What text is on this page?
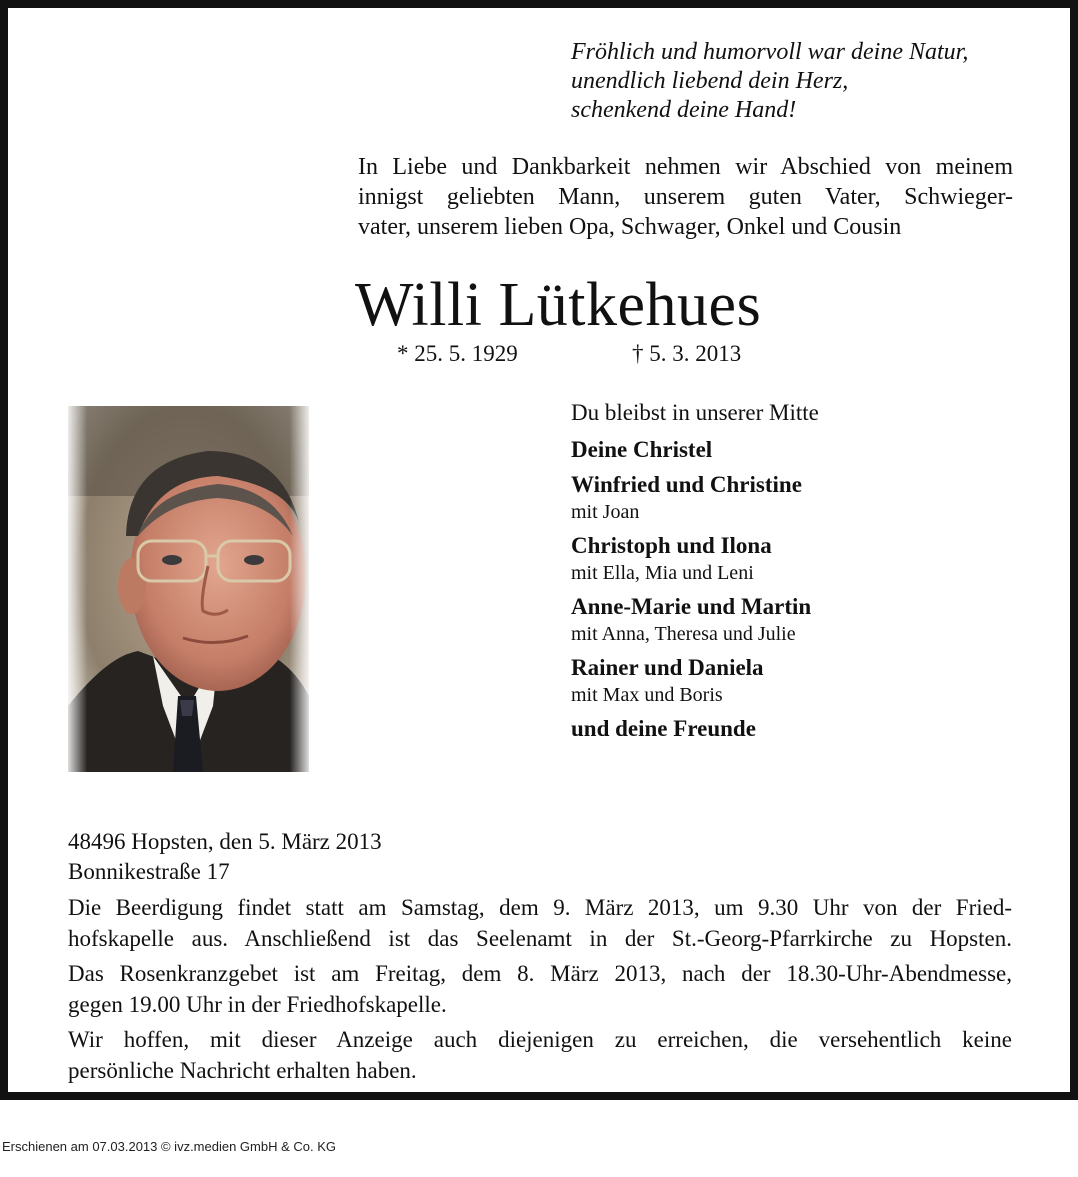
Fröhlich und humorvoll war deine Natur,
unendlich liebend dein Herz,
schenkend deine Hand!
In Liebe und Dankbarkeit nehmen wir Abschied von meinem
innigst geliebten Mann, unserem guten Vater, Schwieger-
vater, unserem lieben Opa, Schwager, Onkel und Cousin
Willi Lütkehues
* 25. 5. 1929	† 5. 3. 2013
Du bleibst in unserer Mitte
Deine Christel
Winfried und Christine
mit Joan
Christoph und Ilona
mit Ella, Mia und Leni
Anne-Marie und Martin
mit Anna, Theresa und Julie
Rainer und Daniela
mit Max und Boris
und deine Freunde
48496 Hopsten, den 5. März 2013
Bonnikestraße 17
Die Beerdigung findet statt am Samstag, dem 9. März 2013, um 9.30 Uhr von der Fried-
hofskapelle aus. Anschließend ist das Seelenamt in der St.-Georg-Pfarrkirche zu Hopsten.
Das Rosenkranzgebet ist am Freitag, dem 8. März 2013, nach der 18.30-Uhr-Abendmesse,
gegen 19.00 Uhr in der Friedhofskapelle.
Wir hoffen, mit dieser Anzeige auch diejenigen zu erreichen, die versehentlich keine
persönliche Nachricht erhalten haben.
Erschienen am 07.03.2013 © ivz.medien GmbH & Co. KG
